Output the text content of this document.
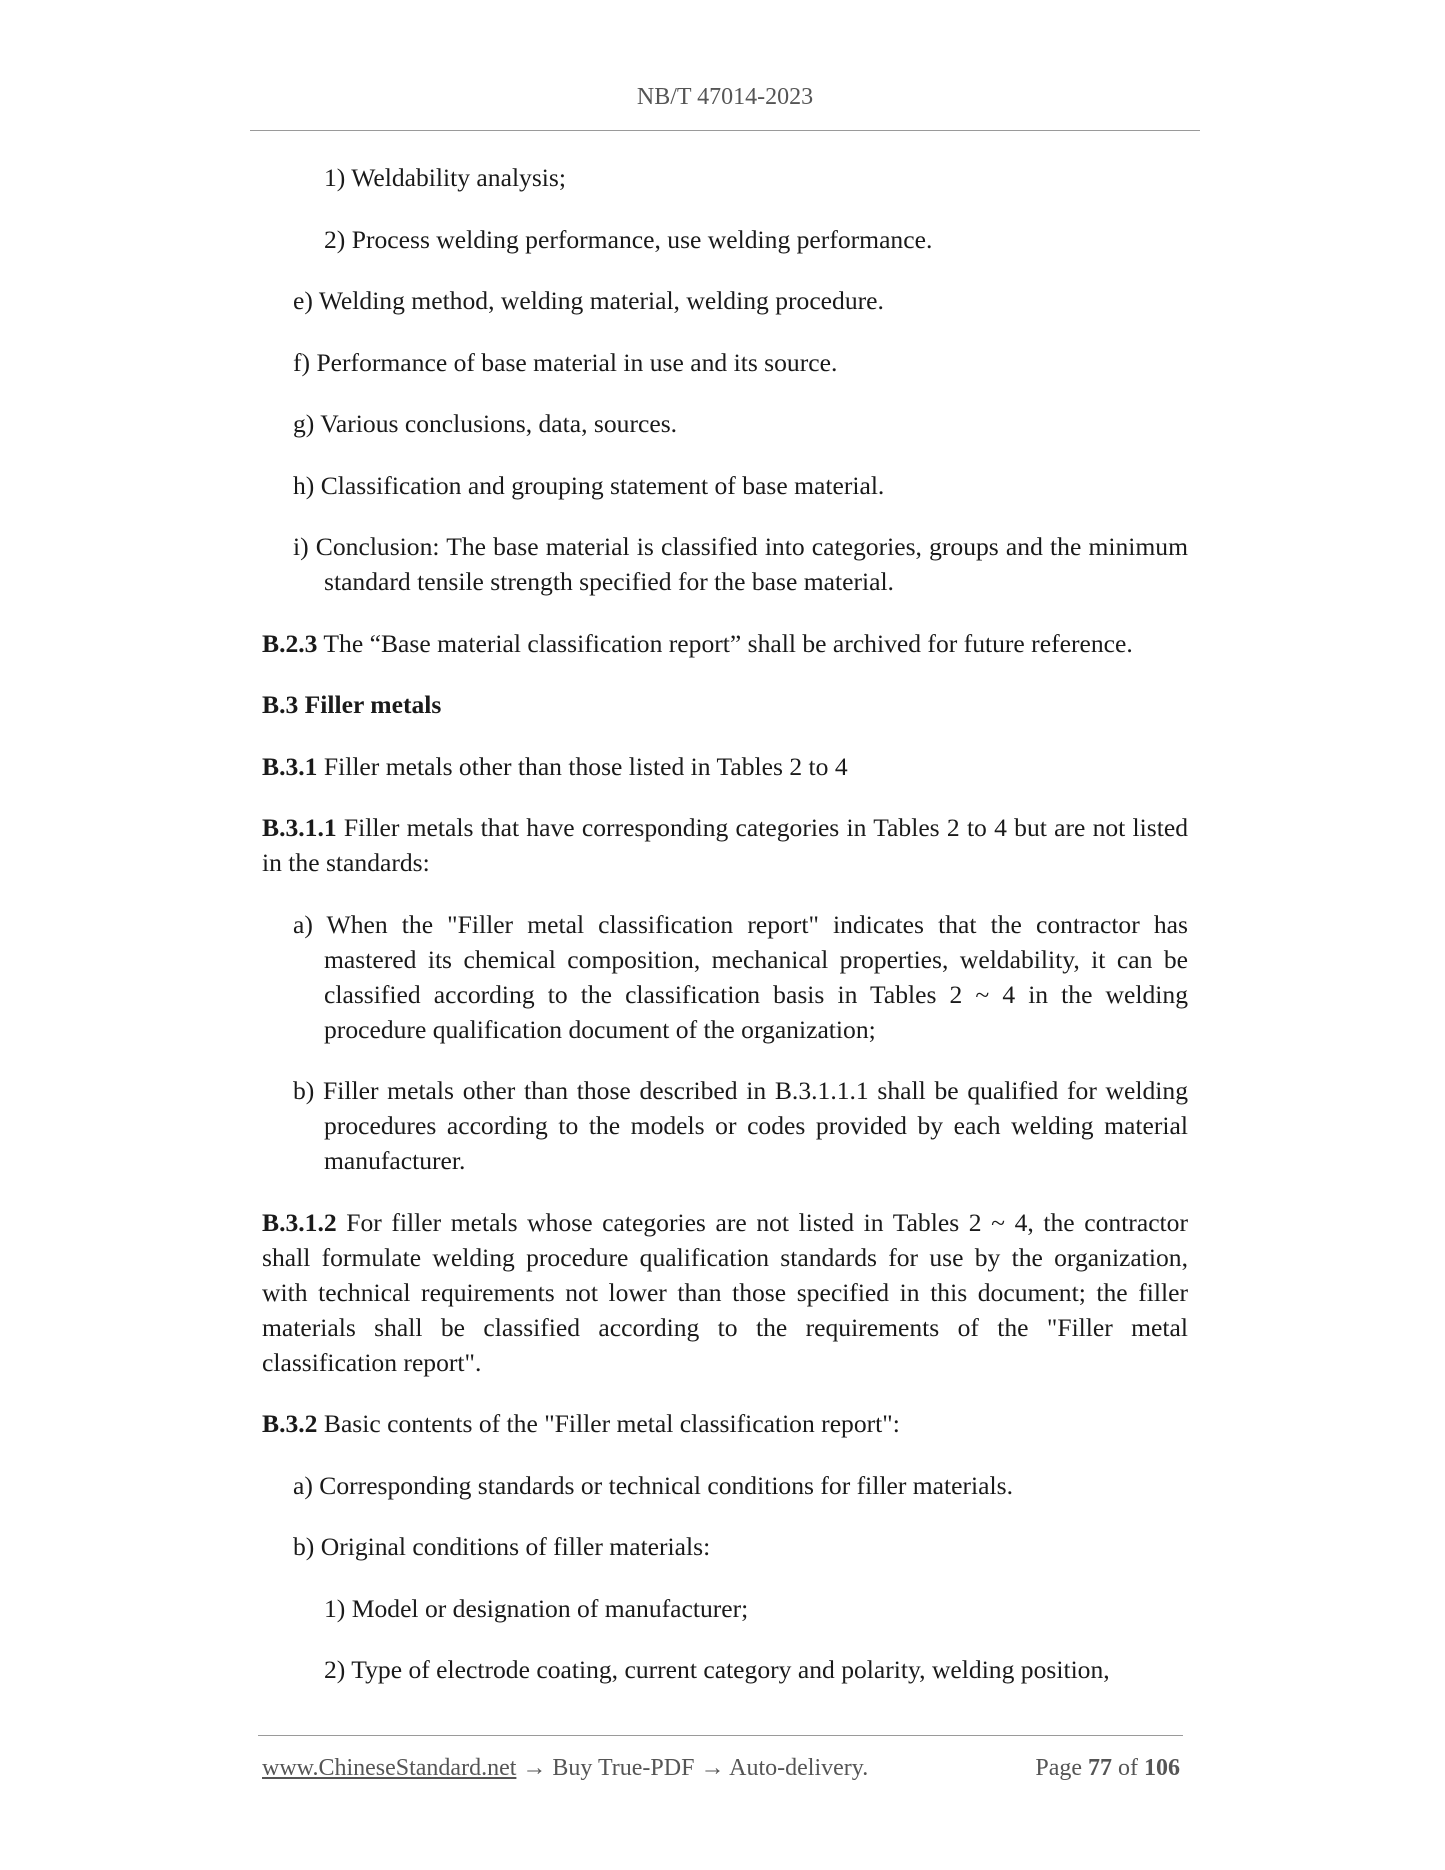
NB/T 47014-2023

1) Weldability analysis;

2) Process welding performance, use welding performance.

e) Welding method, welding material, welding procedure.

f) Performance of base material in use and its source.

g) Various conclusions, data, sources.

h) Classification and grouping statement of base material.

i) Conclusion: The base material is classified into categories, groups and the minimum standard tensile strength specified for the base material.

B.2.3 The “Base material classification report” shall be archived for future reference.

B.3 Filler metals

B.3.1 Filler metals other than those listed in Tables 2 to 4

B.3.1.1 Filler metals that have corresponding categories in Tables 2 to 4 but are not listed in the standards:

a) When the "Filler metal classification report" indicates that the contractor has mastered its chemical composition, mechanical properties, weldability, it can be classified according to the classification basis in Tables 2 ~ 4 in the welding procedure qualification document of the organization;

b) Filler metals other than those described in B.3.1.1.1 shall be qualified for welding procedures according to the models or codes provided by each welding material manufacturer.

B.3.1.2 For filler metals whose categories are not listed in Tables 2 ~ 4, the contractor shall formulate welding procedure qualification standards for use by the organization, with technical requirements not lower than those specified in this document; the filler materials shall be classified according to the requirements of the "Filler metal classification report".

B.3.2 Basic contents of the "Filler metal classification report":

a) Corresponding standards or technical conditions for filler materials.

b) Original conditions of filler materials:

1) Model or designation of manufacturer;

2) Type of electrode coating, current category and polarity, welding position,

www.ChineseStandard.net → Buy True-PDF → Auto-delivery.	Page 77 of 106
